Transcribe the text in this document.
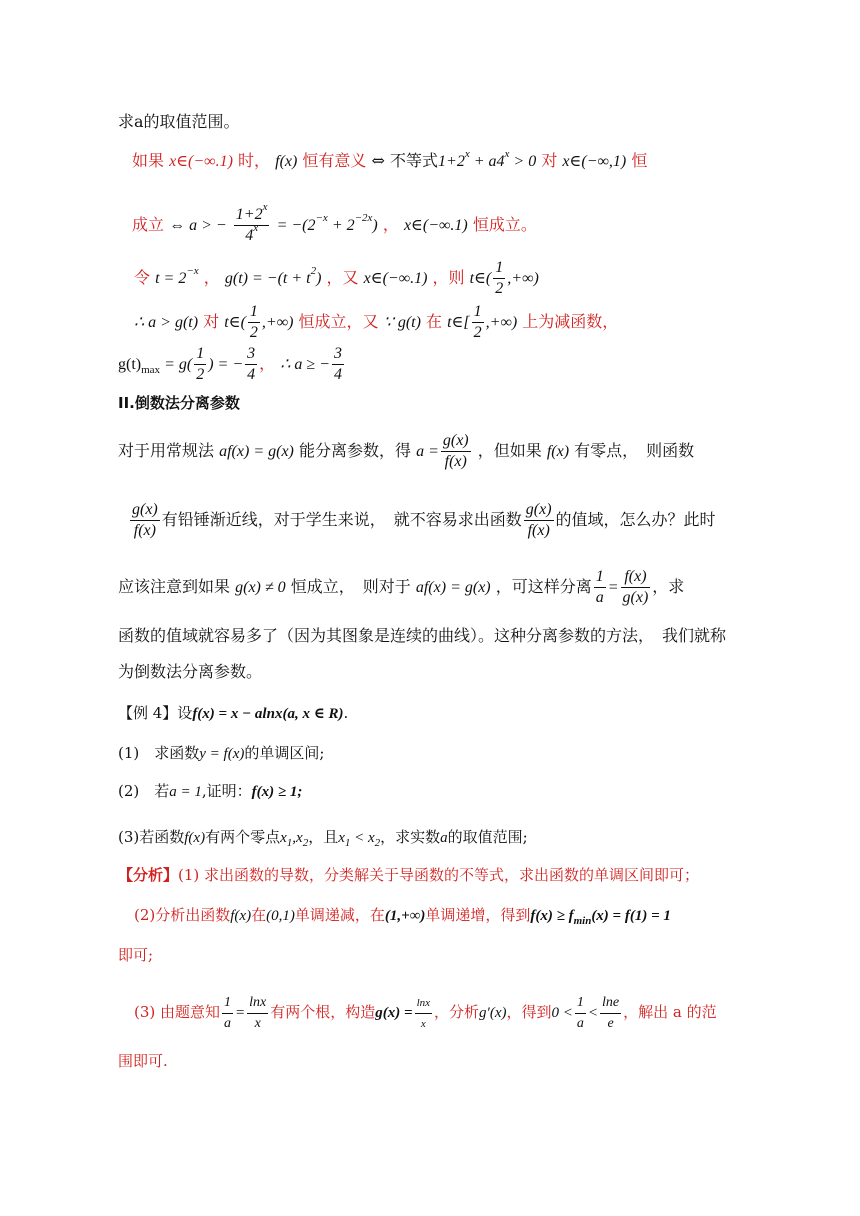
求a的取值范围。
如果 x∈(−∞.1) 时， f(x) 恒有意义 ⇔ 不等式$1+2^x + a4^x > 0$ 对 x∈(−∞,1) 恒
成立 ⇔ a > − $\frac{1+2^x}{4^x} = -(2^{-x} + 2^{-2x})$ ， x∈(−∞.1) 恒成立。
令 $t = 2^{-x}$ ， $g(t) = -(t + t^2)$ ，又 x∈(−∞.1) ，则 t∈( $\frac{1}{2}$ ,+∞)
∴ a > g(t) 对 t∈( $\frac{1}{2}$ ,+∞) 恒成立，又 ∵ g(t) 在 t∈[ $\frac{1}{2}$ ,+∞) 上为减函数，
$g(t)_{max} = g( \frac{1}{2}$ ) = − $\frac{3}{4}$ ， ∴ a ≥ − $\frac{3}{4}$
II.倒数法分离参数
对于用常规法 af(x) = g(x) 能分离参数，得 $a = \frac{g(x)}{f(x)}$ ，但如果 f(x) 有零点，　则函数
$\frac{g(x)}{f(x)}$ 有铅锤渐近线，对于学生来说，　就不容易求出函数 $\frac{g(x)}{f(x)}$ 的值域，怎么办？此时
应该注意到如果 g(x) ≠ 0 恒成立，　则对于 af(x) = g(x) ，可这样分离 $\frac{1}{a} = \frac{f(x)}{g(x)}$ ，求
函数的值域就容易多了（因为其图象是连续的曲线）。这种分离参数的方法，　我们就称
为倒数法分离参数。
【例 4】设f(x) = x − alnx(a, x ∈ R).
(1)　求函数y = f(x)的单调区间;
(2)　若a = 1,证明：f(x) ≥ 1;
(3)若函数f(x)有两个零点$x_1,x_2$，且$x_1 < x_2$，求实数a的取值范围;
【分析】(1) 求出函数的导数，分类解关于导函数的不等式，求出函数的单调区间即可；
(2)分析出函数f(x)在(0,1)单调递减，在(1,+∞)单调递增，得到$f(x) \ge f_{min}(x) = f(1) = 1$
即可;
(3) 由题意知 $\frac{1}{a} = \frac{\ln x}{x}$ 有两个根，构造$g(x) = \frac{\ln x}{x}$ ，分析g′(x)，得到$0 < \frac{1}{a} < \frac{\ln e}{e}$ ，解出 a 的范
围即可.
